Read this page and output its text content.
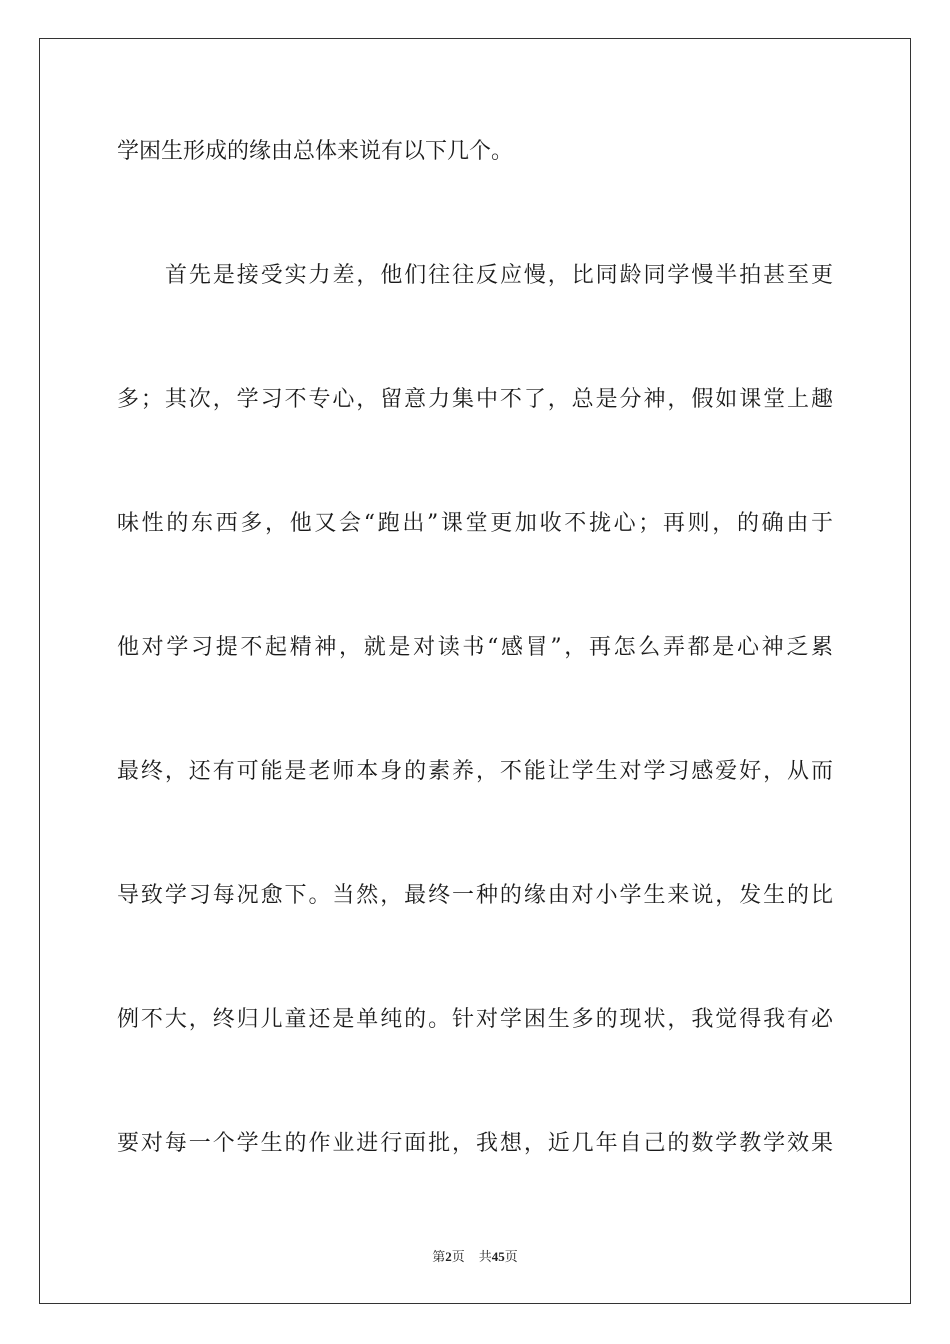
学困生形成的缘由总体来说有以下几个。
首先是接受实力差，他们往往反应慢，比同龄同学慢半拍甚至更
多；其次，学习不专心，留意力集中不了，总是分神，假如课堂上趣
味性的东西多，他又会“跑出”课堂更加收不拢心；再则，的确由于
他对学习提不起精神，就是对读书“感冒”，再怎么弄都是心神乏累
最终，还有可能是老师本身的素养，不能让学生对学习感爱好，从而
导致学习每况愈下。当然，最终一种的缘由对小学生来说，发生的比
例不大，终归儿童还是单纯的。针对学困生多的现状，我觉得我有必
要对每一个学生的作业进行面批，我想，近几年自己的数学教学效果
第2页 共45页
